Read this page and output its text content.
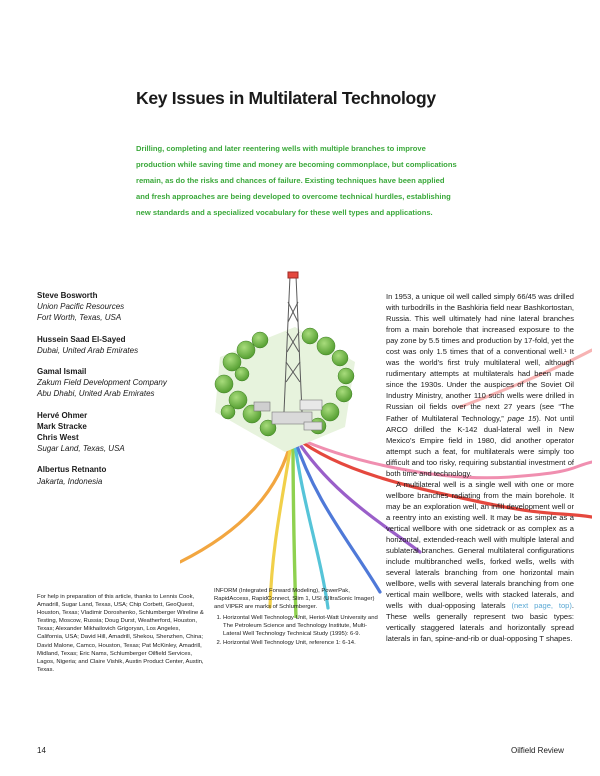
Key Issues in Multilateral Technology
Drilling, completing and later reentering wells with multiple branches to improve
production while saving time and money are becoming commonplace, but complications
remain, as do the risks and chances of failure. Existing techniques have been applied
and fresh approaches are being developed to overcome technical hurdles, establishing
new standards and a specialized vocabulary for these well types and applications.
Steve Bosworth
Union Pacific Resources
Fort Worth, Texas, USA
Hussein Saad El-Sayed
Dubai, United Arab Emirates
Gamal Ismail
Zakum Field Development Company
Abu Dhabi, United Arab Emirates
Hervé Ohmer
Mark Stracke
Chris West
Sugar Land, Texas, USA
Albertus Retnanto
Jakarta, Indonesia

In 1953, a unique oil well called simply 66/45 was drilled with turbodrills in the Bashkiria field near Bashkortostan, Russia. This well ultimately had nine lateral branches from a main borehole that increased exposure to the pay zone by 5.5 times and production by 17-fold, yet the cost was only 1.5 times that of a conventional well.¹ It was the world’s first truly multilateral well, although rudimentary attempts at multilaterals had been made since the 1930s. Under the auspices of the Soviet Oil Industry Ministry, another 110 such wells were drilled in Russian oil fields over the next 27 years (see “The Father of Multilateral Technology,” page 15). Not until ARCO drilled the K-142 dual-lateral well in New Mexico’s Empire field in 1980, did another operator attempt such a feat, for multilaterals were simply too difficult and too risky, requiring substantial investment of both time and technology.

A multilateral well is a single well with one or more wellbore branches radiating from the main borehole. It may be an exploration well, an infill development well or a reentry into an existing well. It may be as simple as a vertical wellbore with one sidetrack or as complex as a horizontal, extended-reach well with multiple lateral and sublateral branches. General multilateral configurations include multibranched wells, forked wells, wells with several laterals branching from one horizontal main wellbore, wells with several laterals branching from one vertical main wellbore, wells with stacked laterals, and wells with dual-opposing laterals (next page, top). These wells generally represent two basic types: vertically staggered laterals and horizontally spread laterals in fan, spine-and-rib or dual-opposing T shapes.

For help in preparation of this article, thanks to Lennis Cook, Amadrill, Sugar Land, Texas, USA; Chip Corbett, GeoQuest, Houston, Texas; Vladimir Doroshenko, Schlumberger Wireline & Testing, Moscow, Russia; Doug Durst, Weatherford, Houston, Texas; Alexander Mikhailovich Grigoryan, Los Angeles, California, USA; David Hill, Amadrill, Shekou, Shenzhen, China; David Malone, Camco, Houston, Texas; Pat McKinley, Amadrill, Midland, Texas; Eric Nams, Schlumberger Oilfield Services, Lagos, Nigeria; and Claire Vishik, Austin Product Center, Austin, Texas.
INFORM (Integrated Forward Modeling), PowerPak, RapidAccess, RapidConnect, Slim 1, USI (UltraSonic Imager) and VIPER are marks of Schlumberger.
1. Horizontal Well Technology Unit, Heriot-Watt University and The Petroleum Science and Technology Institute, Multi-Lateral Well Technology Technical Study (1995): 6-9.
2. Horizontal Well Technology Unit, reference 1: 6-14.
14	Oilfield Review
